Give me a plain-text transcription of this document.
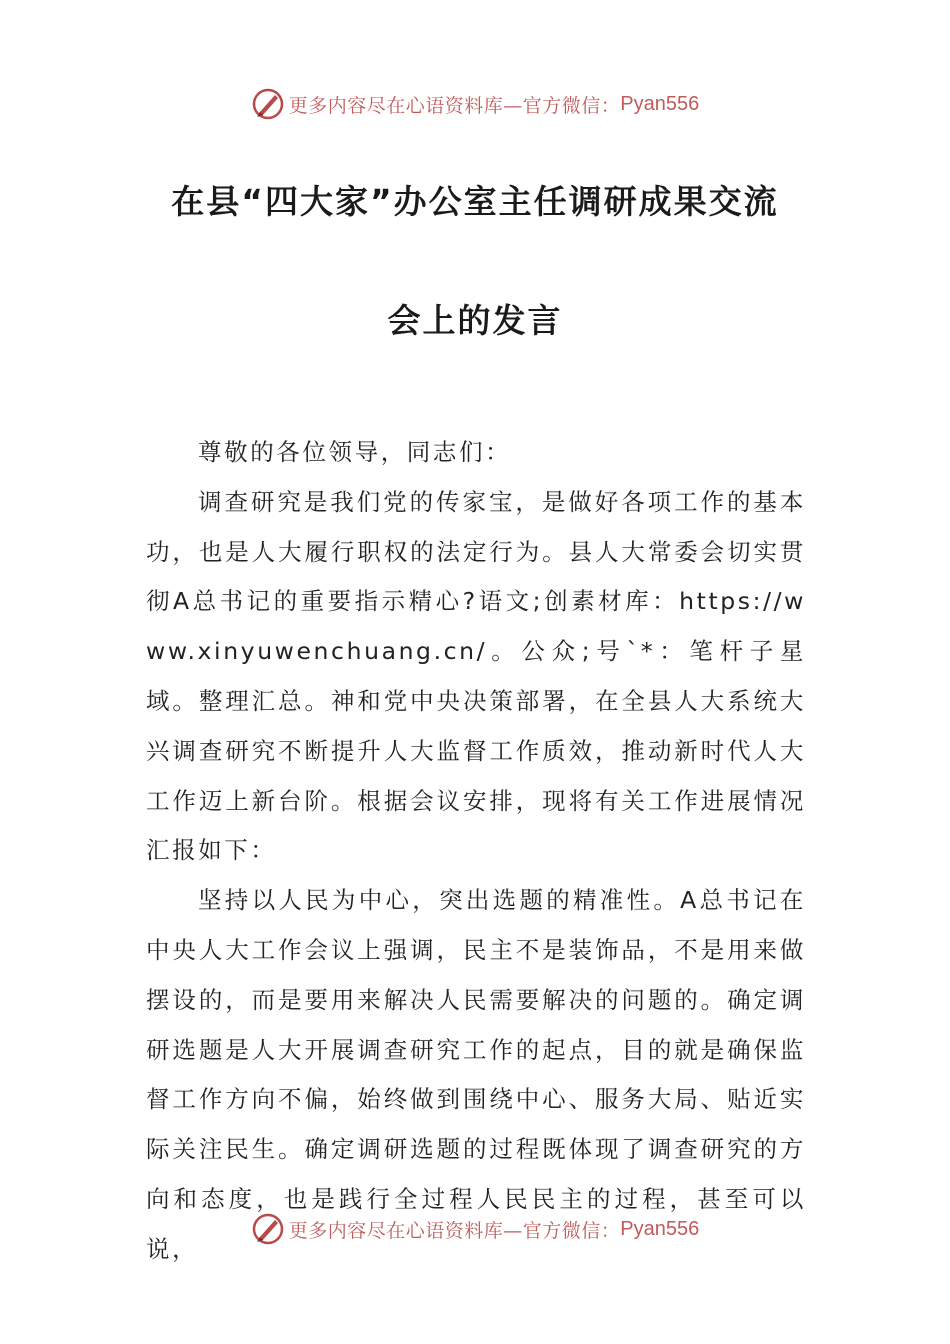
更多内容尽在心语资料库—官方微信： Pyan556
在县“四大家”办公室主任调研成果交流
会上的发言

尊敬的各位领导，同志们：

调查研究是我们党的传家宝，是做好各项工作的基本功，也是人大履行职权的法定行为。县人大常委会切实贯彻A总书记的重要指示精心?语文;创素材库：https://www.xinyuwenchuang.cn/。公众;号`*：笔杆子星域。整理汇总。神和党中央决策部署，在全县人大系统大兴调查研究不断提升人大监督工作质效，推动新时代人大工作迈上新台阶。根据会议安排，现将有关工作进展情况汇报如下：

坚持以人民为中心，突出选题的精准性。A总书记在中央人大工作会议上强调，民主不是装饰品，不是用来做摆设的，而是要用来解决人民需要解决的问题的。确定调研选题是人大开展调查研究工作的起点，目的就是确保监督工作方向不偏，始终做到围绕中心、服务大局、贴近实际关注民生。确定调研选题的过程既体现了调查研究的方向和态度，也是践行全过程人民民主的过程，甚至可以说，

更多内容尽在心语资料库—官方微信： Pyan556
